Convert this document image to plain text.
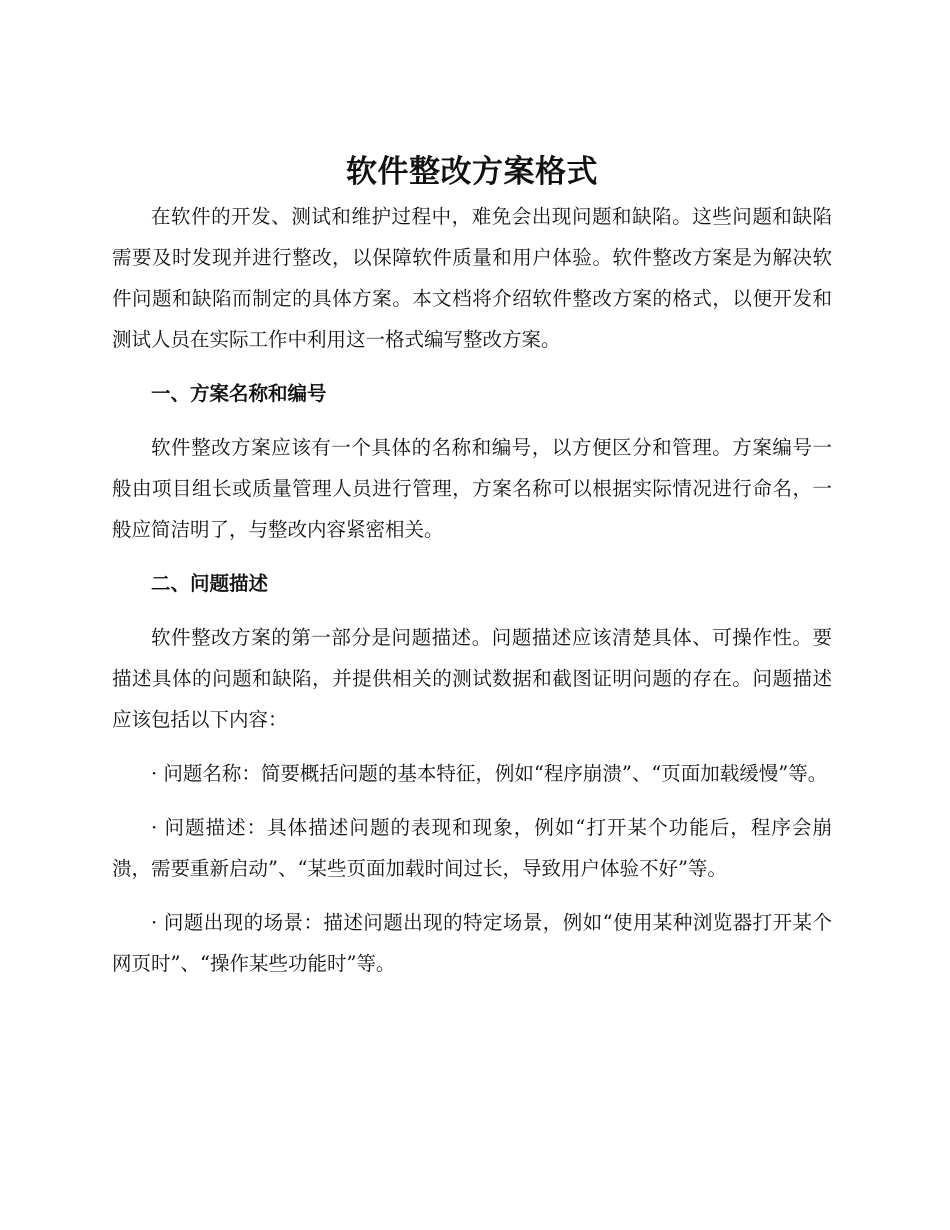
软件整改方案格式

在软件的开发、测试和维护过程中，难免会出现问题和缺陷。这些问题和缺陷需要及时发现并进行整改，以保障软件质量和用户体验。软件整改方案是为解决软件问题和缺陷而制定的具体方案。本文档将介绍软件整改方案的格式，以便开发和测试人员在实际工作中利用这一格式编写整改方案。

一、方案名称和编号

软件整改方案应该有一个具体的名称和编号，以方便区分和管理。方案编号一般由项目组长或质量管理人员进行管理，方案名称可以根据实际情况进行命名，一般应简洁明了，与整改内容紧密相关。

二、问题描述

软件整改方案的第一部分是问题描述。问题描述应该清楚具体、可操作性。要描述具体的问题和缺陷，并提供相关的测试数据和截图证明问题的存在。问题描述应该包括以下内容：

· 问题名称：简要概括问题的基本特征，例如“程序崩溃”、“页面加载缓慢”等。

· 问题描述：具体描述问题的表现和现象，例如“打开某个功能后，程序会崩溃，需要重新启动”、“某些页面加载时间过长，导致用户体验不好”等。

· 问题出现的场景：描述问题出现的特定场景，例如“使用某种浏览器打开某个网页时”、“操作某些功能时”等。
